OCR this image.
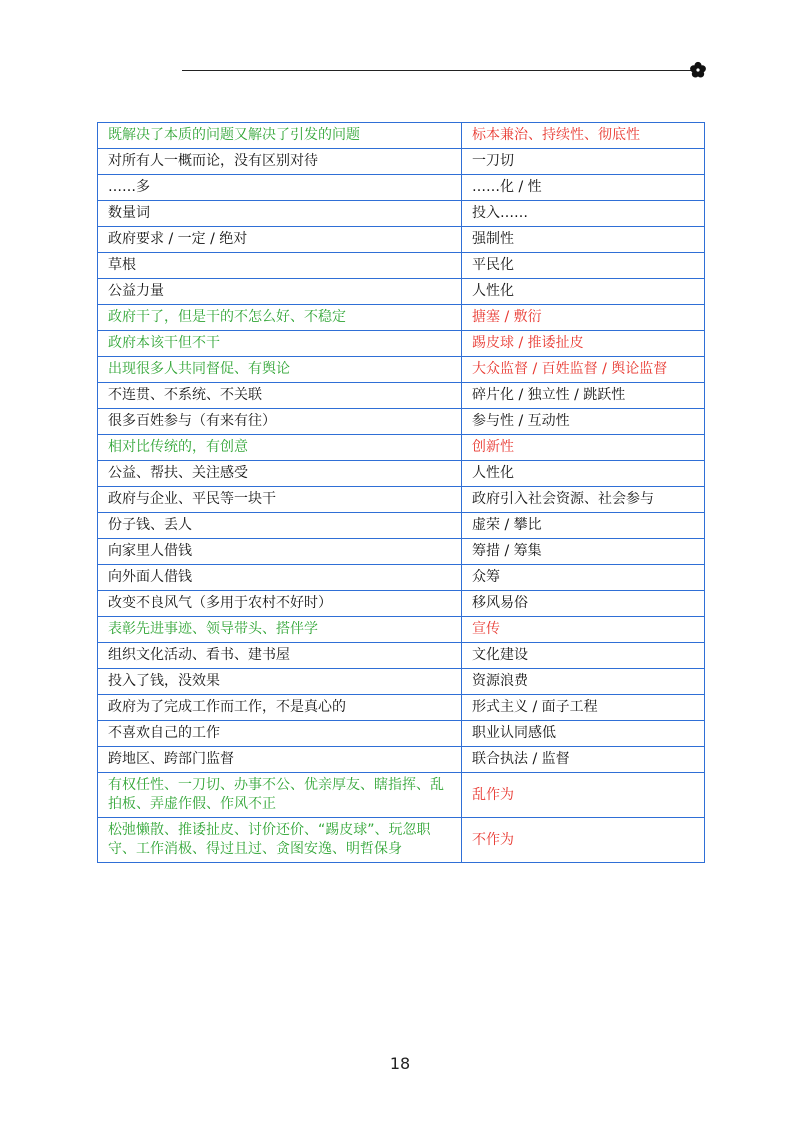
既解决了本质的问题又解决了引发的问题	标本兼治、持续性、彻底性
对所有人一概而论，没有区别对待	一刀切
……多	……化 / 性
数量词	投入……
政府要求 / 一定 / 绝对	强制性
草根	平民化
公益力量	人性化
政府干了，但是干的不怎么好、不稳定	搪塞 / 敷衍
政府本该干但不干	踢皮球 / 推诿扯皮
出现很多人共同督促、有舆论	大众监督 / 百姓监督 / 舆论监督
不连贯、不系统、不关联	碎片化 / 独立性 / 跳跃性
很多百姓参与（有来有往）	参与性 / 互动性
相对比传统的，有创意	创新性
公益、帮扶、关注感受	人性化
政府与企业、平民等一块干	政府引入社会资源、社会参与
份子钱、丢人	虚荣 / 攀比
向家里人借钱	筹措 / 筹集
向外面人借钱	众筹
改变不良风气（多用于农村不好时）	移风易俗
表彰先进事迹、领导带头、搭伴学	宣传
组织文化活动、看书、建书屋	文化建设
投入了钱，没效果	资源浪费
政府为了完成工作而工作，不是真心的	形式主义 / 面子工程
不喜欢自己的工作	职业认同感低
跨地区、跨部门监督	联合执法 / 监督
有权任性、一刀切、办事不公、优亲厚友、瞎指挥、乱拍板、弄虚作假、作风不正	乱作为
松弛懒散、推诿扯皮、讨价还价、“踢皮球”、玩忽职守、工作消极、得过且过、贪图安逸、明哲保身	不作为
18
